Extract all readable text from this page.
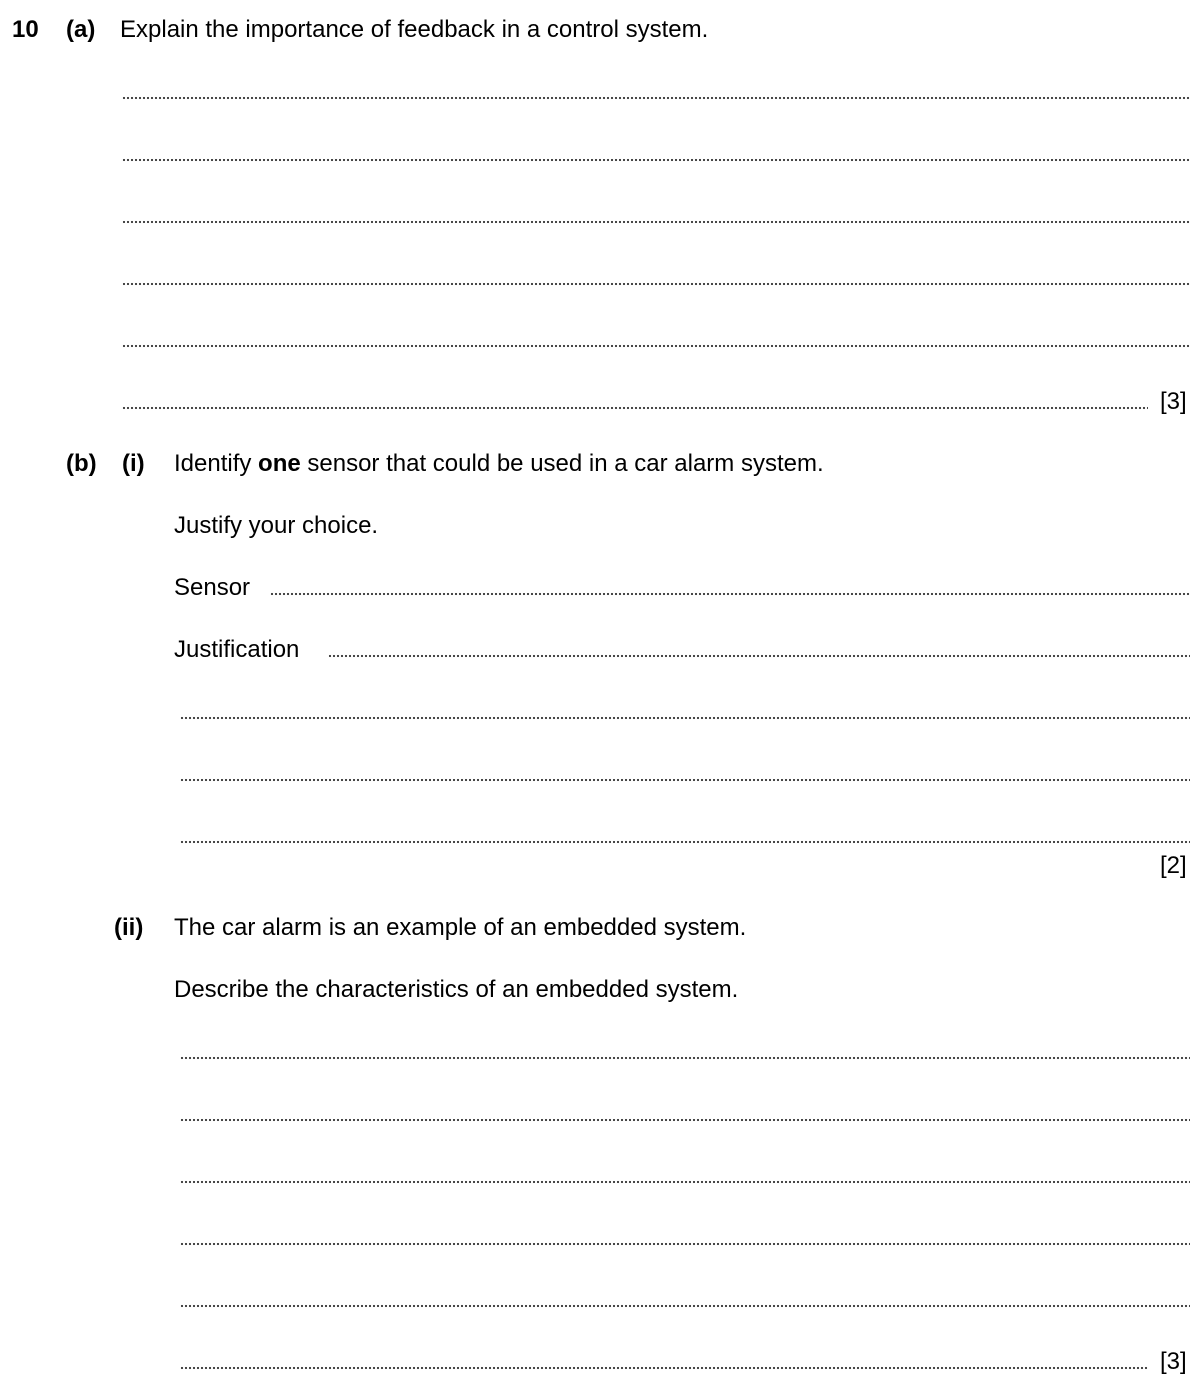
10 (a) Explain the importance of feedback in a control system.
[3]
(b) (i) Identify one sensor that could be used in a car alarm system.
Justify your choice.
Sensor
Justification
[2]
(ii) The car alarm is an example of an embedded system.
Describe the characteristics of an embedded system.
[3]
